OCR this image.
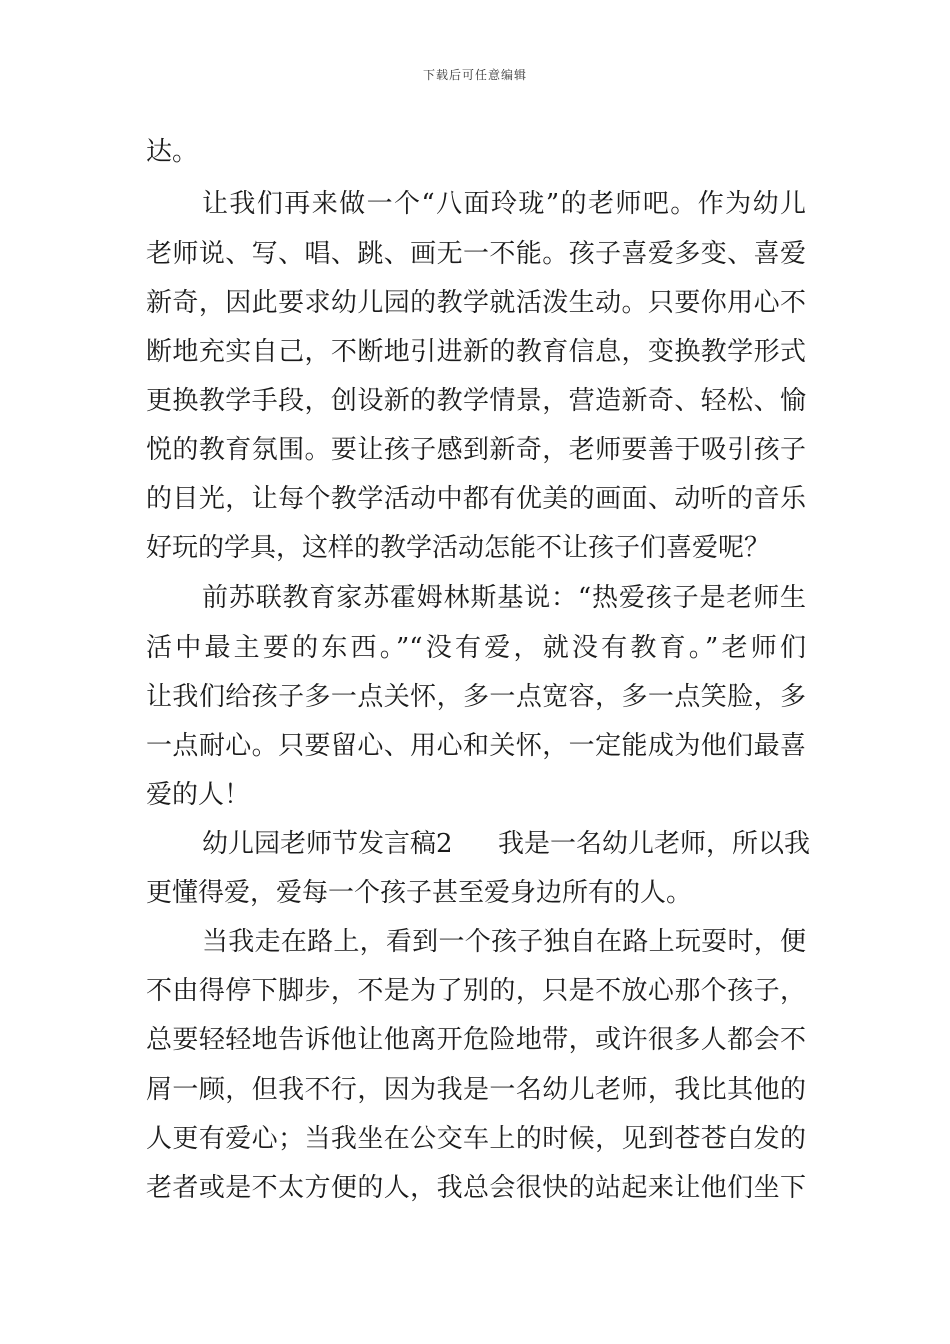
下载后可任意编辑
达。
让我们再来做一个“八面玲珑”的老师吧。作为幼儿
老师说、写、唱、跳、画无一不能。孩子喜爱多变、喜爱
新奇，因此要求幼儿园的教学就活泼生动。只要你用心不
断地充实自己，不断地引进新的教育信息，变换教学形式
更换教学手段，创设新的教学情景，营造新奇、轻松、愉
悦的教育氛围。要让孩子感到新奇，老师要善于吸引孩子
的目光，让每个教学活动中都有优美的画面、动听的音乐
好玩的学具，这样的教学活动怎能不让孩子们喜爱呢？
前苏联教育家苏霍姆林斯基说：“热爱孩子是老师生
活中最主要的东西。”“没有爱，就没有教育。”老师们
让我们给孩子多一点关怀，多一点宽容，多一点笑脸，多
一点耐心。只要留心、用心和关怀，一定能成为他们最喜
爱的人！
幼儿园老师节发言稿2 我是一名幼儿老师，所以我
更懂得爱，爱每一个孩子甚至爱身边所有的人。
当我走在路上，看到一个孩子独自在路上玩耍时，便
不由得停下脚步，不是为了别的，只是不放心那个孩子，
总要轻轻地告诉他让他离开危险地带，或许很多人都会不
屑一顾，但我不行，因为我是一名幼儿老师，我比其他的
人更有爱心；当我坐在公交车上的时候，见到苍苍白发的
老者或是不太方便的人，我总会很快的站起来让他们坐下
